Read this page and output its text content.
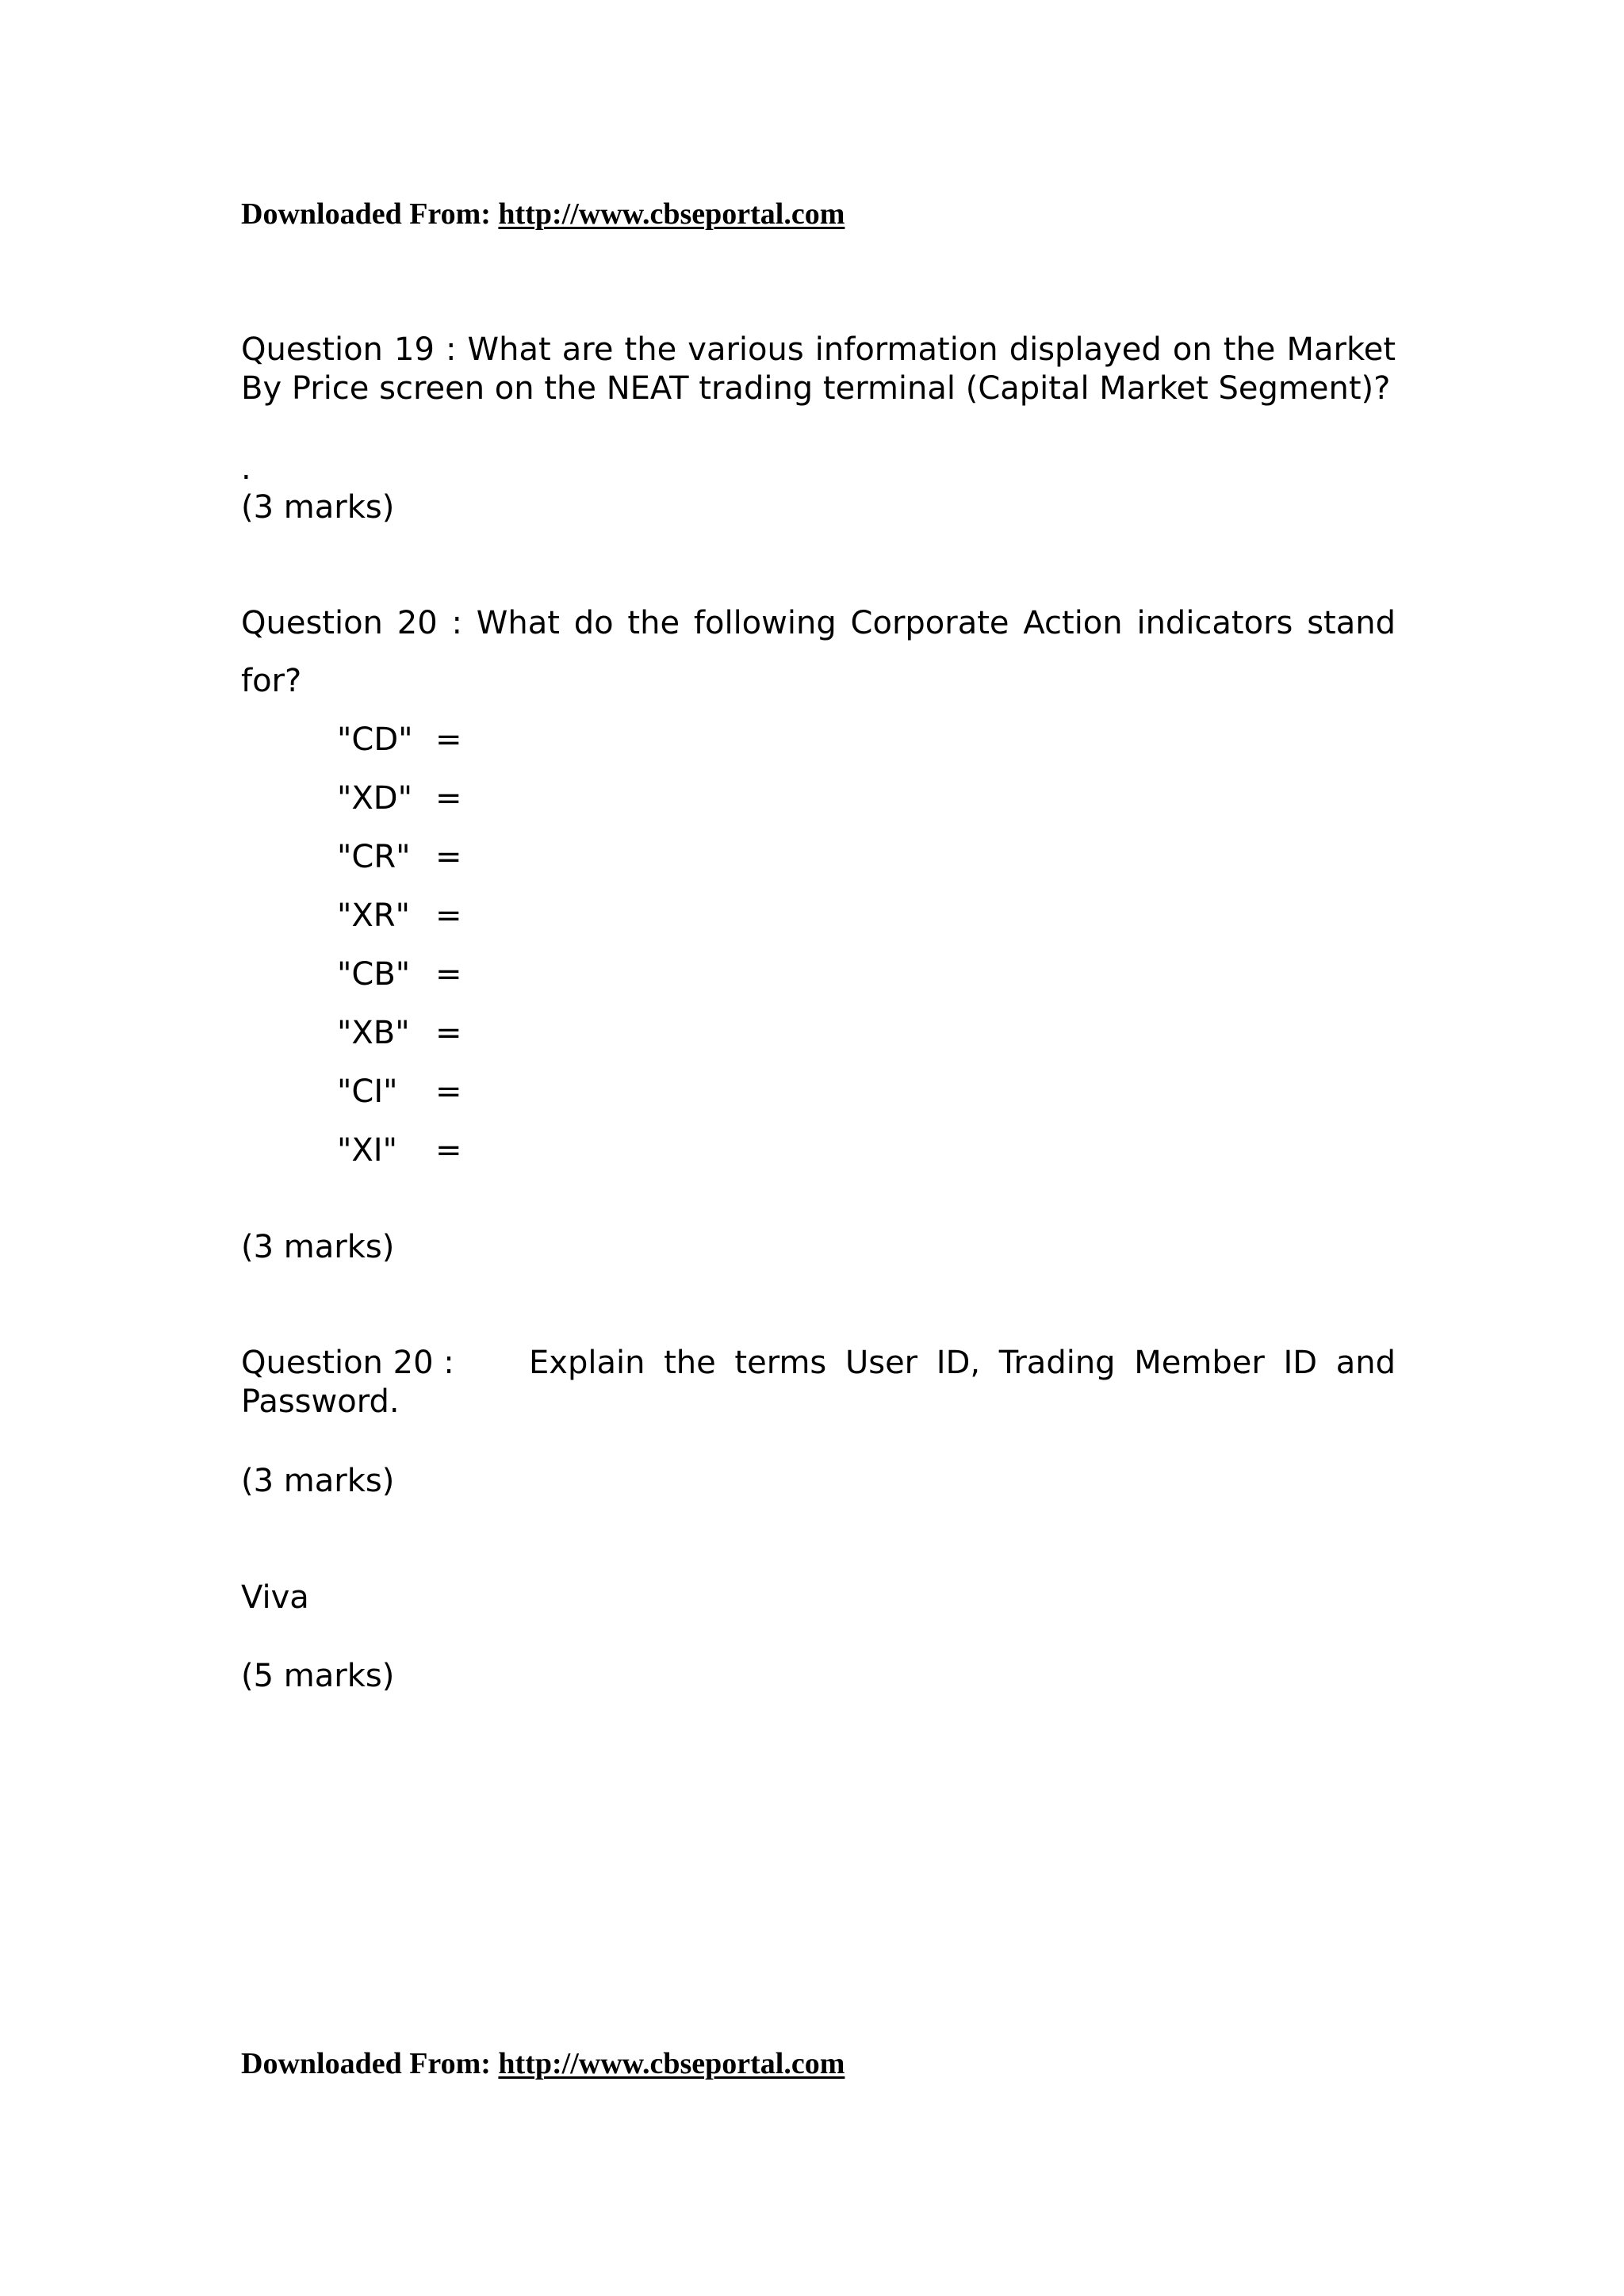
Downloaded From: http://www.cbseportal.com
Question 19 : What are the various information displayed on the Market By Price screen on the NEAT trading terminal (Capital Market Segment)?
.
(3 marks)
Question 20 : What do the following Corporate Action indicators stand
for?
"CD" =
"XD" =
"CR" =
"XR" =
"CB" =
"XB" =
"CI" =
"XI" =
(3 marks)
Question 20 : Explain the terms User ID, Trading Member ID and
Password.
(3 marks)
Viva
(5 marks)
Downloaded From: http://www.cbseportal.com
